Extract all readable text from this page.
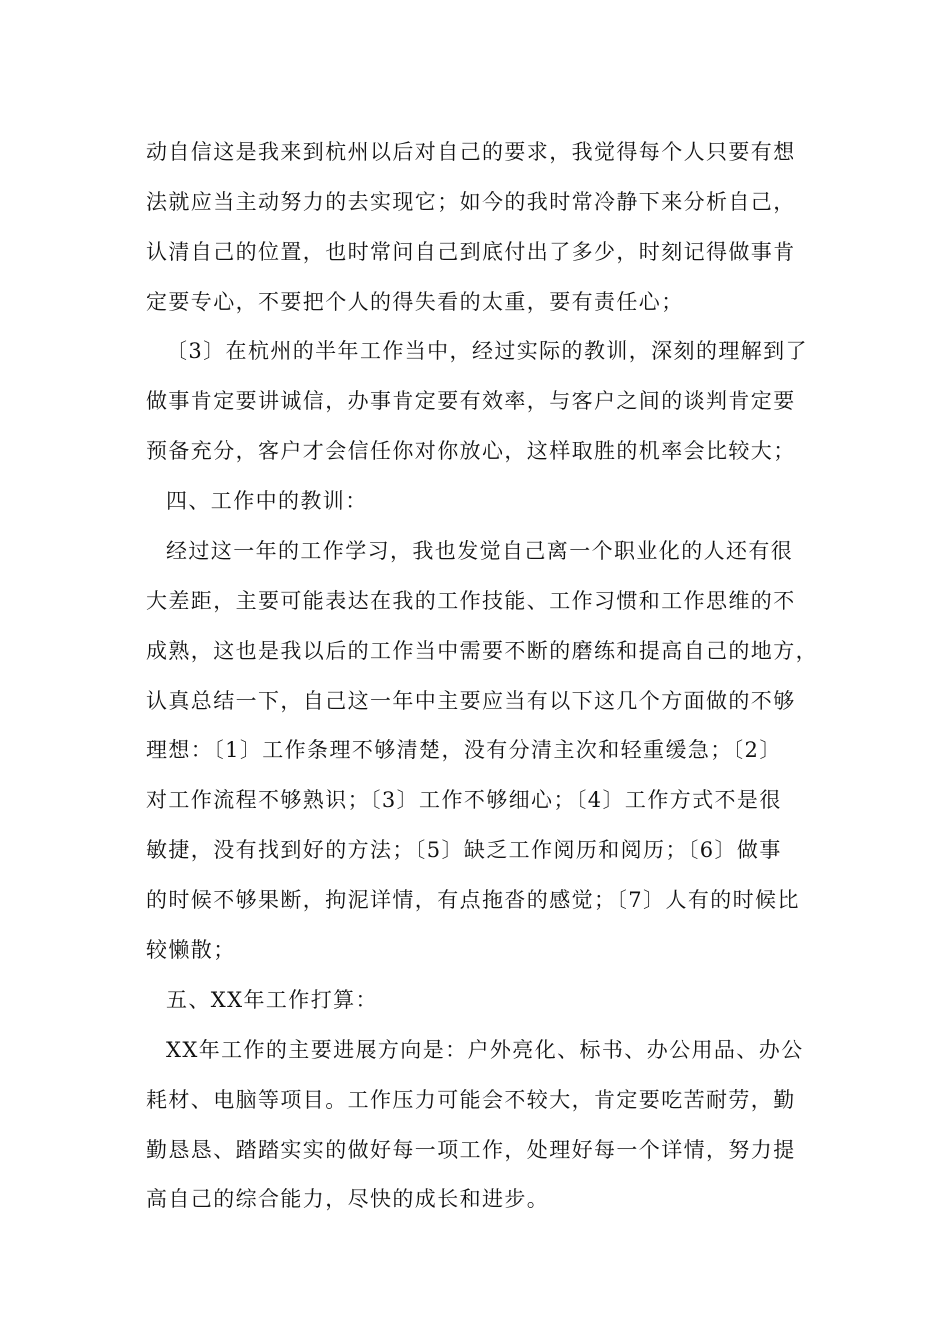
动自信这是我来到杭州以后对自己的要求，我觉得每个人只要有想
法就应当主动努力的去实现它；如今的我时常冷静下来分析自己，
认清自己的位置，也时常问自己到底付出了多少，时刻记得做事肯
定要专心，不要把个人的得失看的太重，要有责任心；
〔3〕在杭州的半年工作当中，经过实际的教训，深刻的理解到了
做事肯定要讲诚信，办事肯定要有效率，与客户之间的谈判肯定要
预备充分，客户才会信任你对你放心，这样取胜的机率会比较大；
四、工作中的教训：
经过这一年的工作学习，我也发觉自己离一个职业化的人还有很
大差距，主要可能表达在我的工作技能、工作习惯和工作思维的不
成熟，这也是我以后的工作当中需要不断的磨练和提高自己的地方，
认真总结一下，自己这一年中主要应当有以下这几个方面做的不够
理想：〔1〕工作条理不够清楚，没有分清主次和轻重缓急；〔2〕
对工作流程不够熟识；〔3〕工作不够细心；〔4〕工作方式不是很
敏捷，没有找到好的方法；〔5〕缺乏工作阅历和阅历；〔6〕做事
的时候不够果断，拘泥详情，有点拖沓的感觉；〔7〕人有的时候比
较懒散；
五、XX年工作打算：
XX年工作的主要进展方向是：户外亮化、标书、办公用品、办公
耗材、电脑等项目。工作压力可能会不较大，肯定要吃苦耐劳，勤
勤恳恳、踏踏实实的做好每一项工作，处理好每一个详情，努力提
高自己的综合能力，尽快的成长和进步。
